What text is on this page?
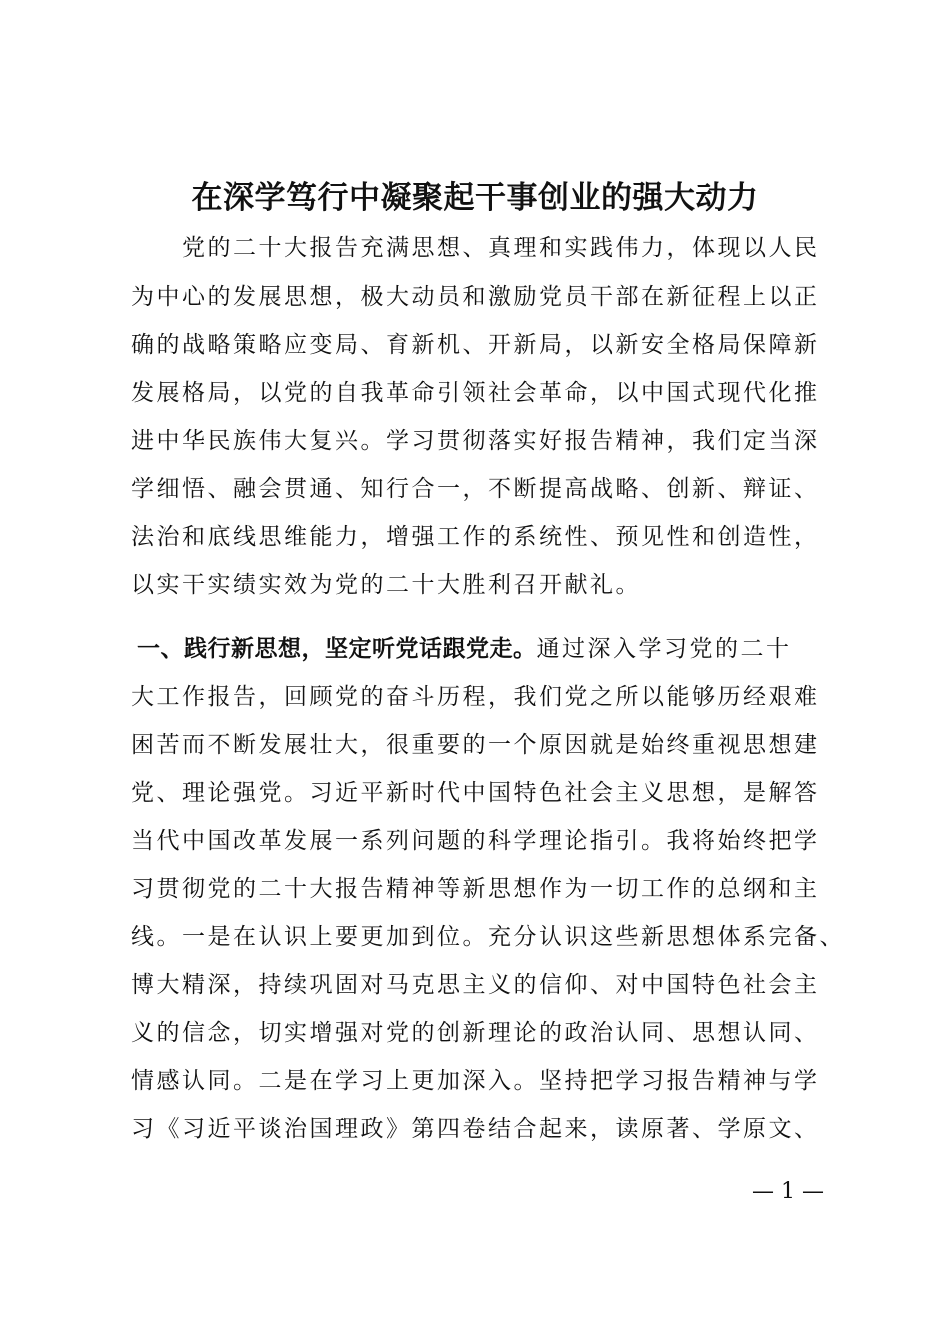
在深学笃行中凝聚起干事创业的强大动力
党的二十大报告充满思想、真理和实践伟力，体现以人民
为中心的发展思想，极大动员和激励党员干部在新征程上以正
确的战略策略应变局、育新机、开新局，以新安全格局保障新
发展格局，以党的自我革命引领社会革命，以中国式现代化推
进中华民族伟大复兴。学习贯彻落实好报告精神，我们定当深
学细悟、融会贯通、知行合一，不断提高战略、创新、辩证、
法治和底线思维能力，增强工作的系统性、预见性和创造性，
以实干实绩实效为党的二十大胜利召开献礼。
一、践行新思想，坚定听党话跟党走。通过深入学习党的二十
大工作报告，回顾党的奋斗历程，我们党之所以能够历经艰难
困苦而不断发展壮大，很重要的一个原因就是始终重视思想建
党、理论强党。习近平新时代中国特色社会主义思想，是解答
当代中国改革发展一系列问题的科学理论指引。我将始终把学
习贯彻党的二十大报告精神等新思想作为一切工作的总纲和主
线。一是在认识上要更加到位。充分认识这些新思想体系完备、
博大精深，持续巩固对马克思主义的信仰、对中国特色社会主
义的信念，切实增强对党的创新理论的政治认同、思想认同、
情感认同。二是在学习上更加深入。坚持把学习报告精神与学
习《习近平谈治国理政》第四卷结合起来，读原著、学原文、
— 1 —
